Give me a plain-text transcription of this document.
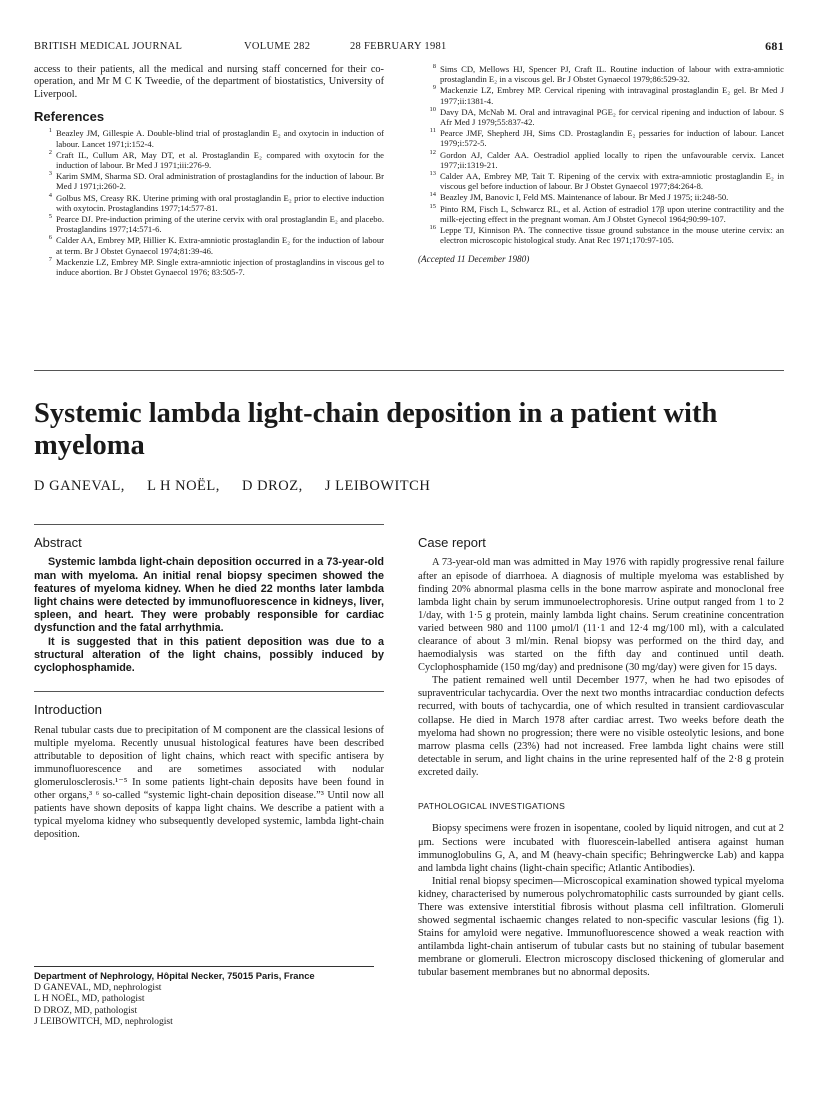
BRITISH MEDICAL JOURNAL	VOLUME 282	28 FEBRUARY 1981	681

access to their patients, all the medical and nursing staff concerned for their co-operation, and Mr M C K Tweedie, of the department of biostatistics, University of Liverpool.

References
1 Beazley JM, Gillespie A. Double-blind trial of prostaglandin E₂ and oxytocin in induction of labour. Lancet 1971;i:152-4.
2 Craft IL, Cullum AR, May DT, et al. Prostaglandin E₂ compared with oxytocin for the induction of labour. Br Med J 1971;iii:276-9.
3 Karim SMM, Sharma SD. Oral administration of prostaglandins for the induction of labour. Br Med J 1971;i:260-2.
4 Golbus MS, Creasy RK. Uterine priming with oral prostaglandin E₂ prior to elective induction with oxytocin. Prostaglandins 1977;14:577-81.
5 Pearce DJ. Pre-induction priming of the uterine cervix with oral prostaglandin E₂ and placebo. Prostaglandins 1977;14:571-6.
6 Calder AA, Embrey MP, Hillier K. Extra-amniotic prostaglandin E₂ for the induction of labour at term. Br J Obstet Gynaecol 1974;81:39-46.
7 Mackenzie LZ, Embrey MP. Single extra-amniotic injection of prostaglandins in viscous gel to induce abortion. Br J Obstet Gynaecol 1976; 83:505-7.
8 Sims CD, Mellows HJ, Spencer PJ, Craft IL. Routine induction of labour with extra-amniotic prostaglandin E₂ in a viscous gel. Br J Obstet Gynaecol 1979;86:529-32.
9 Mackenzie LZ, Embrey MP. Cervical ripening with intravaginal prostaglandin E₂ gel. Br Med J 1977;ii:1381-4.
10 Davy DA, McNab M. Oral and intravaginal PGE₂ for cervical ripening and induction of labour. S Afr Med J 1979;55:837-42.
11 Pearce JMF, Shepherd JH, Sims CD. Prostaglandin E₂ pessaries for induction of labour. Lancet 1979;i:572-5.
12 Gordon AJ, Calder AA. Oestradiol applied locally to ripen the unfavourable cervix. Lancet 1977;ii:1319-21.
13 Calder AA, Embrey MP, Tait T. Ripening of the cervix with extra-amniotic prostaglandin E₂ in viscous gel before induction of labour. Br J Obstet Gynaecol 1977;84:264-8.
14 Beazley JM, Banovic I, Feld MS. Maintenance of labour. Br Med J 1975; ii:248-50.
15 Pinto RM, Fisch L, Schwarcz RL, et al. Action of estradiol 17β upon uterine contractility and the milk-ejecting effect in the pregnant woman. Am J Obstet Gynecol 1964;90:99-107.
16 Leppe TJ, Kinnison PA. The connective tissue ground substance in the mouse uterine cervix: an electron microscopic histological study. Anat Rec 1971;170:97-105.

(Accepted 11 December 1980)

Systemic lambda light-chain deposition in a patient with myeloma
D GANEVAL, L H NOËL, D DROZ, J LEIBOWITCH
Abstract

Systemic lambda light-chain deposition occurred in a 73-year-old man with myeloma. An initial renal biopsy specimen showed the features of myeloma kidney. When he died 22 months later lambda light chains were detected by immunofluorescence in kidneys, liver, spleen, and heart. They were probably responsible for cardiac dysfunction and the fatal arrhythmia.

It is suggested that in this patient deposition was due to a structural alteration of the light chains, possibly induced by cyclophosphamide.

Introduction

Renal tubular casts due to precipitation of M component are the classical lesions of multiple myeloma. Recently unusual histological features have been described attributable to deposition of light chains, which react with specific antisera by immunofluorescence and are sometimes associated with nodular glomerulosclerosis.¹⁻⁵ In some patients light-chain deposits have been found in other organs,³ ⁶ so-called “systemic light-chain deposition disease.”³ Until now all patients have shown deposits of kappa light chains. We describe a patient with a typical myeloma kidney who subsequently developed systemic, lambda light-chain deposition.

Department of Nephrology, Hôpital Necker, 75015 Paris, France
D GANEVAL, MD, nephrologist
L H NOËL, MD, pathologist
D DROZ, MD, pathologist
J LEIBOWITCH, MD, nephrologist
Case report

A 73-year-old man was admitted in May 1976 with rapidly progressive renal failure after an episode of diarrhoea. A diagnosis of multiple myeloma was established by finding 20% abnormal plasma cells in the bone marrow aspirate and monoclonal free lambda light chain by serum immunoelectrophoresis. Urine output ranged from 1 to 2 1/day, with 1·5 g protein, mainly lambda light chains. Serum creatinine concentration varied between 980 and 1100 μmol/l (11·1 and 12·4 mg/100 ml), with a calculated clearance of about 3 ml/min. Renal biopsy was performed on the third day, and haemodialysis was started on the fifth day and continued until death. Cyclophosphamide (150 mg/day) and prednisone (30 mg/day) were given for 15 days.

The patient remained well until December 1977, when he had two episodes of supraventricular tachycardia. Over the next two months intracardiac conduction defects recurred, with bouts of tachycardia, one of which resulted in transient cardiovascular collapse. He died in March 1978 after cardiac arrest. Two weeks before death the myeloma had shown no progression; there were no visible osteolytic lesions, and bone marrow plasma cells (23%) had not increased. Free lambda light chains were still detectable in serum, and light chains in the urine represented half of the 2·8 g protein excreted daily.

PATHOLOGICAL INVESTIGATIONS

Biopsy specimens were frozen in isopentane, cooled by liquid nitrogen, and cut at 2 μm. Sections were incubated with fluorescein-labelled antisera against human immunoglobulins G, A, and M (heavy-chain specific; Behringwercke Lab) and kappa and lambda light chains (light-chain specific; Atlantic Antibodies).

Initial renal biopsy specimen—Microscopical examination showed typical myeloma kidney, characterised by numerous polychromatophilic casts surrounded by giant cells. There was extensive interstitial fibrosis without plasma cell infiltration. Glomeruli showed segmental ischaemic changes related to non-specific vascular lesions (fig 1). Stains for amyloid were negative. Immunofluorescence showed a weak reaction with antilambda light-chain antiserum of tubular casts but no staining of tubular basement membrane or glomeruli. Electron microscopy disclosed thickening of glomerular and tubular basement membranes but no abnormal deposits.
